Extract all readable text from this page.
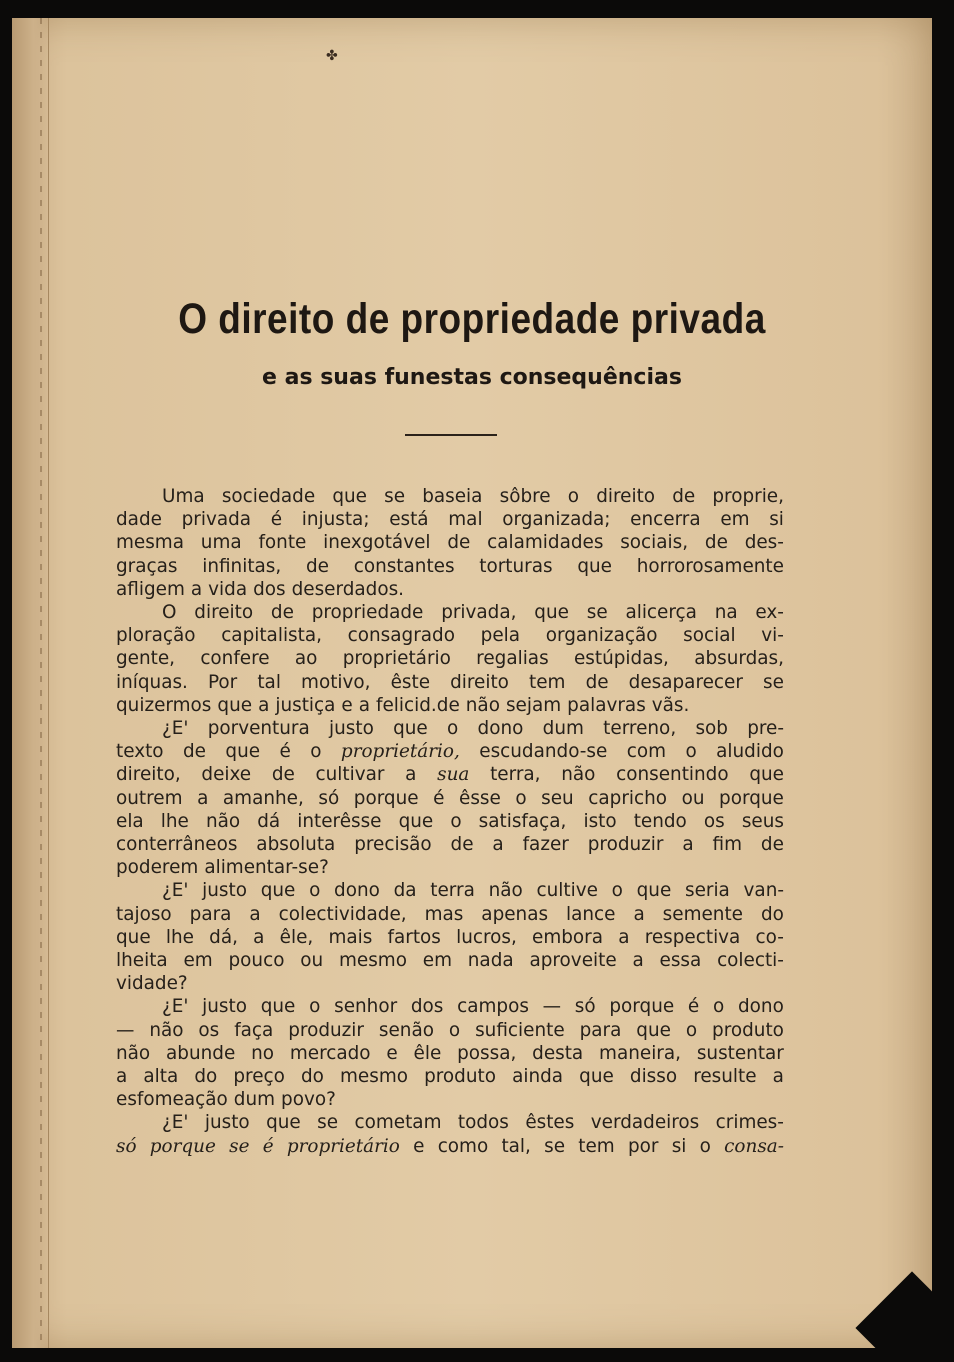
✤
O direito de propriedade privada
e as suas funestas consequências
Uma sociedade que se baseia sôbre o direito de proprie,
dade privada é injusta; está mal organizada; encerra em si
mesma uma fonte inexgotável de calamidades sociais, de des-
graças infinitas, de constantes torturas que horrorosamente
afligem a vida dos deserdados.
O direito de propriedade privada, que se alicerça na ex-
ploração capitalista, consagrado pela organização social vi-
gente, confere ao proprietário regalias estúpidas, absurdas,
iníquas. Por tal motivo, êste direito tem de desaparecer se
quizermos que a justiça e a felicid.de não sejam palavras vãs.
¿E' porventura justo que o dono dum terreno, sob pre-
texto de que é o proprietário, escudando-se com o aludido
direito, deixe de cultivar a sua terra, não consentindo que
outrem a amanhe, só porque é êsse o seu capricho ou porque
ela lhe não dá interêsse que o satisfaça, isto tendo os seus
conterrâneos absoluta precisão de a fazer produzir a fim de
poderem alimentar-se?
¿E' justo que o dono da terra não cultive o que seria van-
tajoso para a colectividade, mas apenas lance a semente do
que lhe dá, a êle, mais fartos lucros, embora a respectiva co-
lheita em pouco ou mesmo em nada aproveite a essa colecti-
vidade?
¿E' justo que o senhor dos campos — só porque é o dono
— não os faça produzir senão o suficiente para que o produto
não abunde no mercado e êle possa, desta maneira, sustentar
a alta do preço do mesmo produto ainda que disso resulte a
esfomeação dum povo?
¿E' justo que se cometam todos êstes verdadeiros crimes-
só porque se é proprietário e como tal, se tem por si o consa-
